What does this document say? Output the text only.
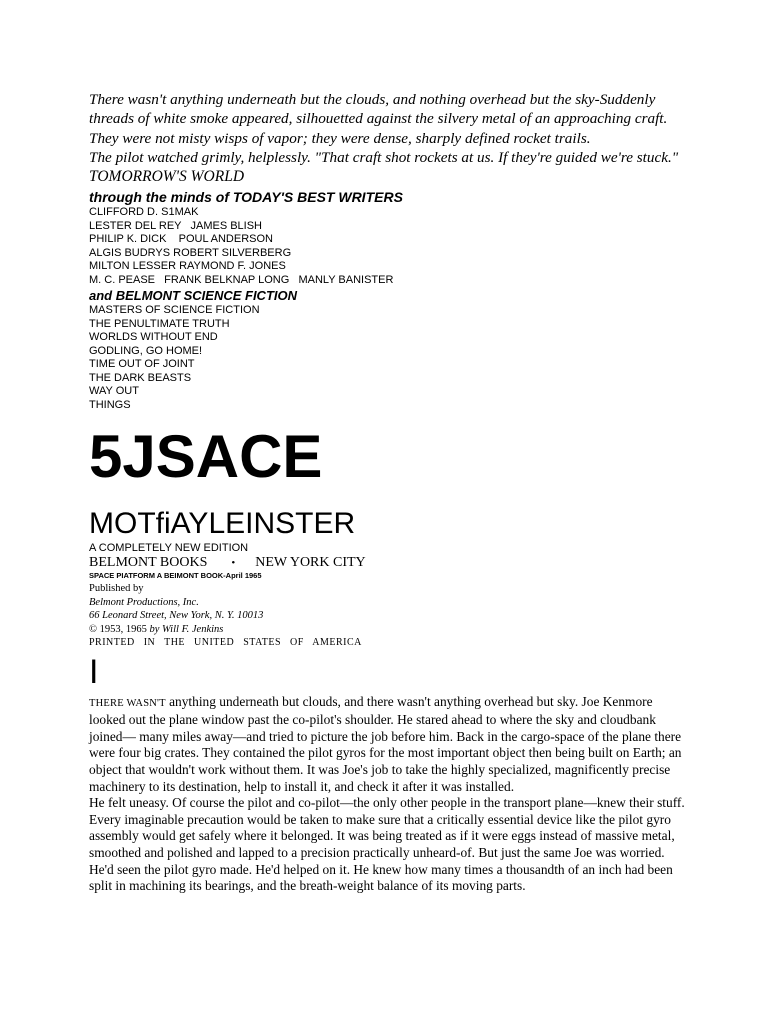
There wasn't anything underneath but the clouds, and nothing overhead but the sky-Suddenly threads of white smoke appeared, silhouetted against the silvery metal of an approaching craft. They were not misty wisps of vapor; they were dense, sharply defined rocket trails.

The pilot watched grimly, helplessly. "That craft shot rockets at us. If they're guided we're stuck."

TOMORROW'S WORLD
through the minds of TODAY'S BEST WRITERS
CLIFFORD D. S1MAK
LESTER DEL REY   JAMES BLISH
PHILIP K. DICK    POUL ANDERSON
ALGIS BUDRYS ROBERT SILVERBERG
MILTON LESSER RAYMOND F. JONES
M. C. PEASE   FRANK BELKNAP LONG   MANLY BANISTER
and BELMONT SCIENCE FICTION
MASTERS OF SCIENCE FICTION
THE PENULTIMATE TRUTH
WORLDS WITHOUT END
GODLING, GO HOME!
TIME OUT OF JOINT
THE DARK BEASTS
WAY OUT
THINGS
5JSACE
MOTfiAYLEINSTER
A COMPLETELY NEW EDITION
BELMONT BOOKS • NEW YORK CITY
SPACE PIATFORM A BEIMONT BOOK-April 1965
Published by
Belmont Productions, Inc.
66 Leonard Street, New York, N. Y. 10013
© 1953, 1965 by Will F. Jenkins
PRINTED IN THE UNITED STATES OF AMERICA
I

THERE WASN'T anything underneath but clouds, and there wasn't anything overhead but sky. Joe Kenmore looked out the plane window past the co-pilot's shoulder. He stared ahead to where the sky and cloudbank joined— many miles away—and tried to picture the job before him. Back in the cargo-space of the plane there were four big crates. They contained the pilot gyros for the most important object then being built on Earth; an object that wouldn't work without them. It was Joe's job to take the highly specialized, magnificently precise machinery to its destination, help to install it, and check it after it was installed.

He felt uneasy. Of course the pilot and co-pilot—the only other people in the transport plane—knew their stuff. Every imaginable precaution would be taken to make sure that a critically essential device like the pilot gyro assembly would get safely where it belonged. It was being treated as if it were eggs instead of massive metal, smoothed and polished and lapped to a precision practically unheard-of. But just the same Joe was worried. He'd seen the pilot gyro made. He'd helped on it. He knew how many times a thousandth of an inch had been split in machining its bearings, and the breath-weight balance of its moving parts.
